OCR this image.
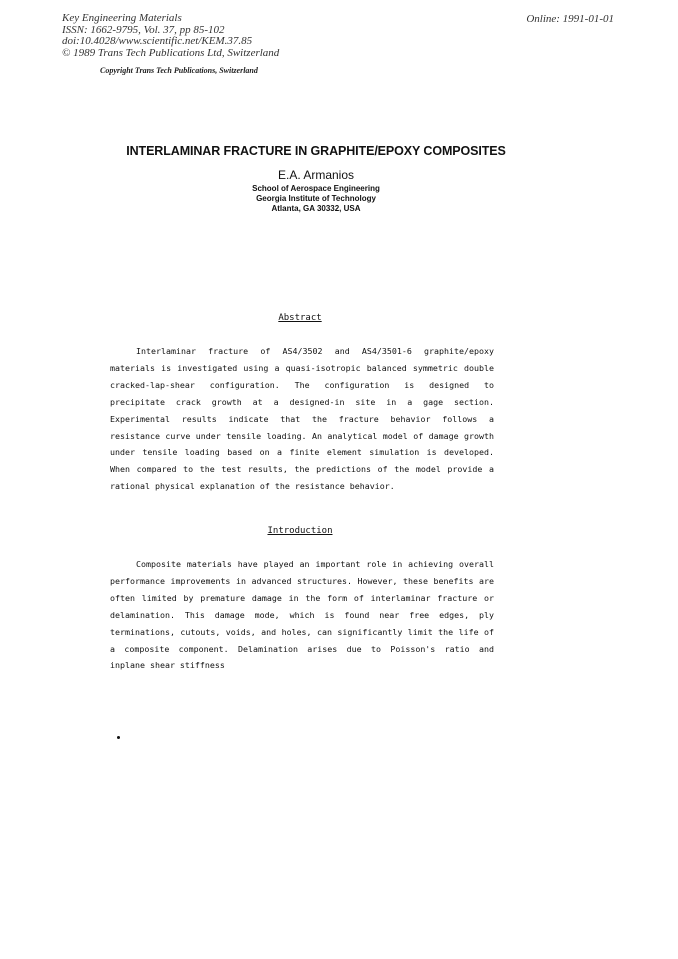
Key Engineering Materials
ISSN: 1662-9795, Vol. 37, pp 85-102
doi:10.4028/www.scientific.net/KEM.37.85
© 1989 Trans Tech Publications Ltd, Switzerland
Online: 1991-01-01
Copyright Trans Tech Publications, Switzerland
INTERLAMINAR FRACTURE IN GRAPHITE/EPOXY COMPOSITES
E.A. Armanios
School of Aerospace Engineering
Georgia Institute of Technology
Atlanta, GA 30332, USA
Abstract

Interlaminar fracture of AS4/3502 and AS4/3501-6 graphite/epoxy materials is investigated using a quasi-isotropic balanced symmetric double cracked-lap-shear configuration. The configuration is designed to precipitate crack growth at a designed-in site in a gage section. Experimental results indicate that the fracture behavior follows a resistance curve under tensile loading. An analytical model of damage growth under tensile loading based on a finite element simulation is developed. When compared to the test results, the predictions of the model provide a rational physical explanation of the resistance behavior.

Introduction

Composite materials have played an important role in achieving overall performance improvements in advanced structures. However, these benefits are often limited by premature damage in the form of interlaminar fracture or delamination. This damage mode, which is found near free edges, ply terminations, cutouts, voids, and holes, can significantly limit the life of a composite component. Delamination arises due to Poisson's ratio and inplane shear stiffness
